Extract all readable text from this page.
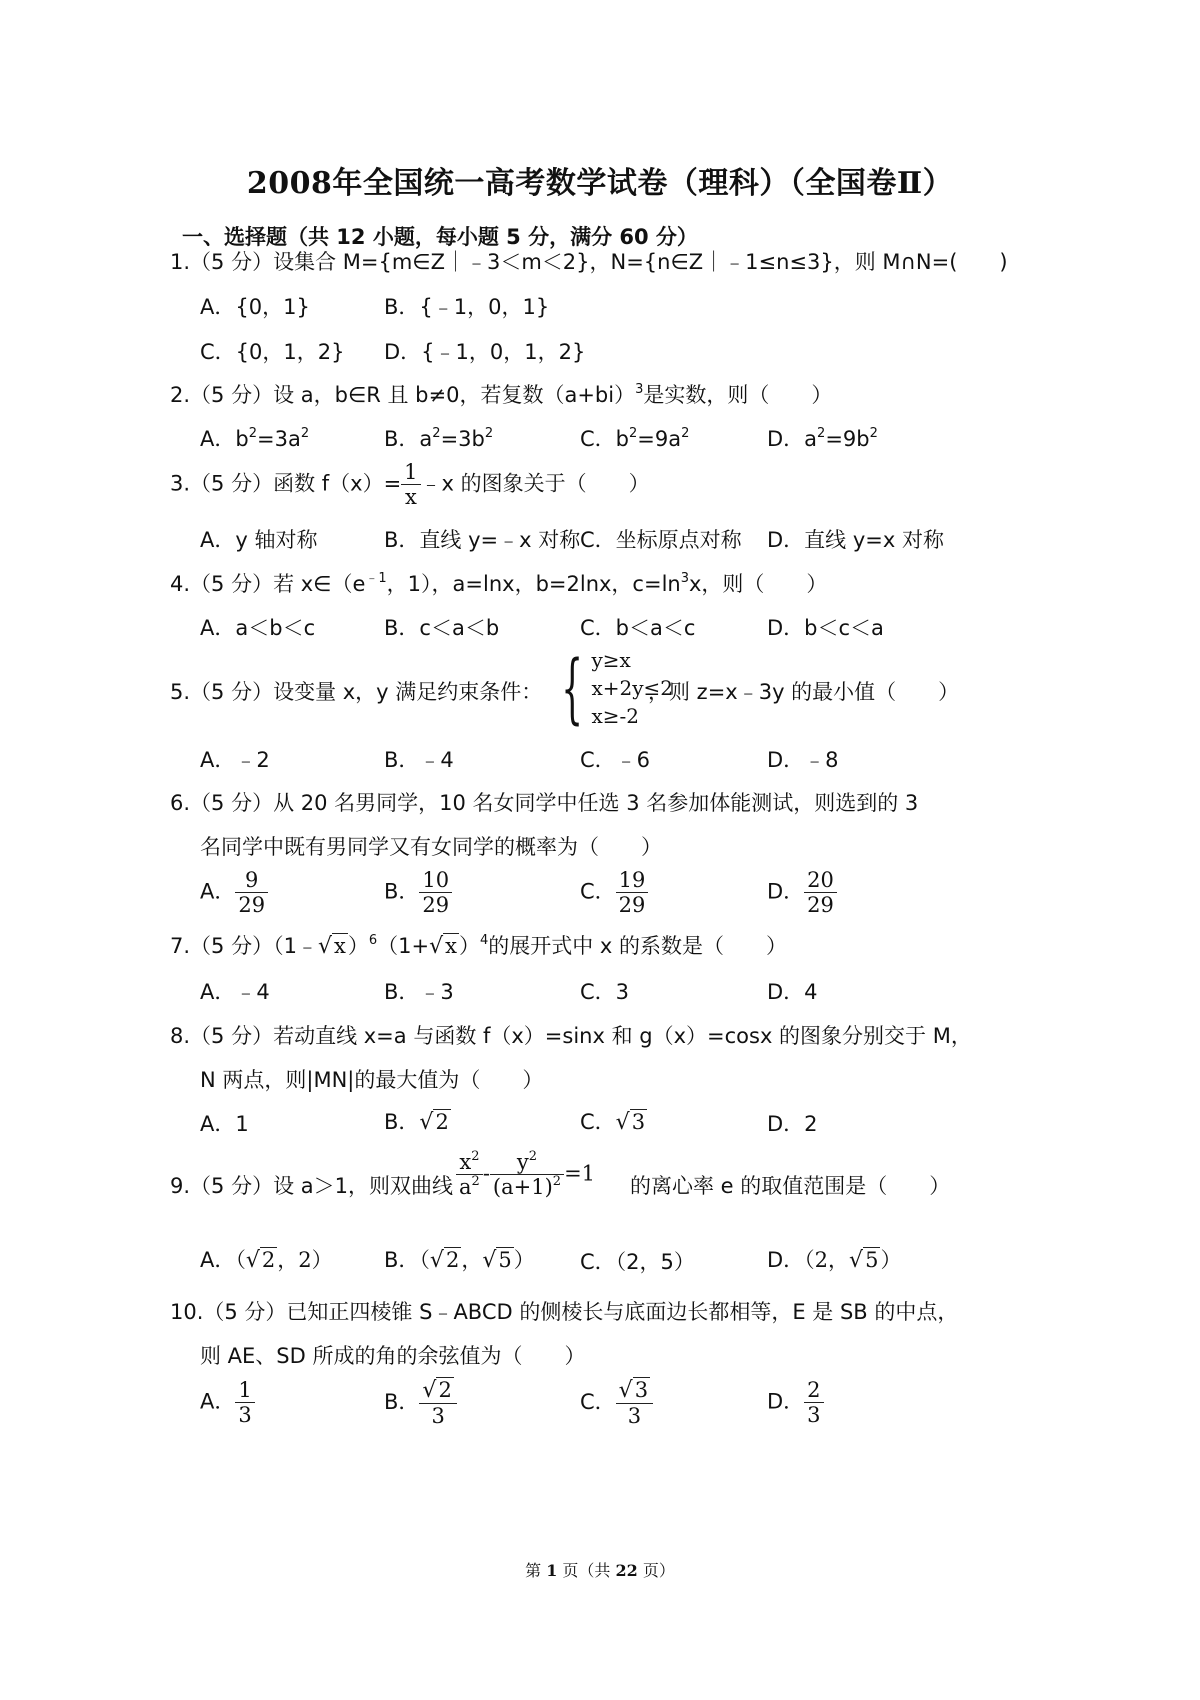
2008年全国统一高考数学试卷（理科）（全国卷Ⅱ）
一、选择题（共 12 小题，每小题 5 分，满分 60 分）
1.（5 分）设集合 M={m∈Z｜﹣3＜m＜2}，N={n∈Z｜﹣1≤n≤3}，则 M∩N=(　　)
A．{0，1}	B．{﹣1，0，1}
C．{0，1，2} D．{﹣1，0，1，2}
2.（5 分）设 a，b∈R 且 b≠0，若复数$(a+bi)^3$是实数，则（　　）
A．$b^2=3a^2$	B．$a^2=3b^2$	C．$b^2=9a^2$	D．$a^2=9b^2$
3.（5 分）函数 $f(x)= \frac{1}{x}$ ﹣x 的图象关于（　　）
A．y 轴对称	B．直线 y=﹣x 对称 C．坐标原点对称 D．直线 y=x 对称
4.（5 分）若 $x\in(e^{﹣1}$，1），a=lnx，b=2lnx，$c=\ln^3x$，则（　　）
A．a＜b＜c	B．c＜a＜b	C．b＜a＜c	D．b＜c＜a
5.（5 分）设变量 x，y 满足约束条件： { y≥x
x+2y≤2
x≥-2
，则 z=x﹣3y 的最小值（　　）
A．﹣2	B．﹣4	C．﹣6	D．﹣8
6.（5 分）从 20 名男同学，10 名女同学中任选 3 名参加体能测试，则选到的 3
名同学中既有男同学又有女同学的概率为（　　）
A． $\frac{9}{29}$	B． $\frac{10}{29}$	C． $\frac{19}{29}$	D． $\frac{20}{29}$
7.（5 分）$(1﹣√x)^6(1+√x)^4$的展开式中 x 的系数是（　　）
A．﹣4	B．﹣3	C．3	D．4
8.（5 分）若动直线 x=a 与函数 f（x）=sinx 和 g（x）=cosx 的图象分别交于 M，
N 两点，则|MN|的最大值为（　　）
A．1	B．√2	C．√3	D．2
9.（5 分）设 a＞1，则双曲线 $\frac{x^2}{a^2} - \frac{y^2}{(a+1)^2} =1$
的离心率 e 的取值范围是（　　）
A．（√2，2） B．（√2，√5） C．（2，5）	D．（2，√5）
10.（5 分）已知正四棱锥 S﹣ABCD 的侧棱长与底面边长都相等，E 是 SB 的中点，
则 AE、SD 所成的角的余弦值为（　　）
A． $\frac{1}{3}$	B． $\frac{√2}{3}$	C． $\frac{√3}{3}$	D． $\frac{2}{3}$
第 1 页（共 22 页）
